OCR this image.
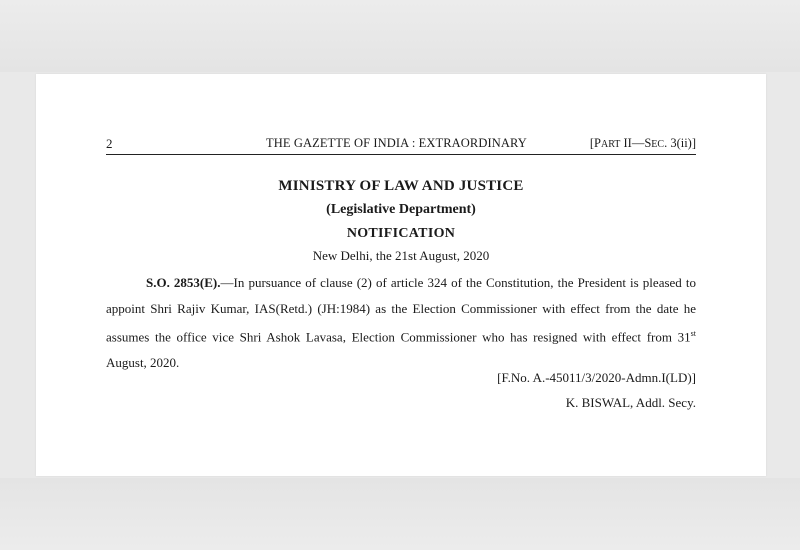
2	THE GAZETTE OF INDIA : EXTRAORDINARY	[PART II—SEC. 3(ii)]
MINISTRY OF LAW AND JUSTICE
(Legislative Department)
NOTIFICATION
New Delhi, the 21st August, 2020

S.O. 2853(E).—In pursuance of clause (2) of article 324 of the Constitution, the President is pleased to appoint Shri Rajiv Kumar, IAS(Retd.) (JH:1984) as the Election Commissioner with effect from the date he assumes the office vice Shri Ashok Lavasa, Election Commissioner who has resigned with effect from 31st August, 2020.

[F.No. A.-45011/3/2020-Admn.I(LD)]
K. BISWAL, Addl. Secy.
